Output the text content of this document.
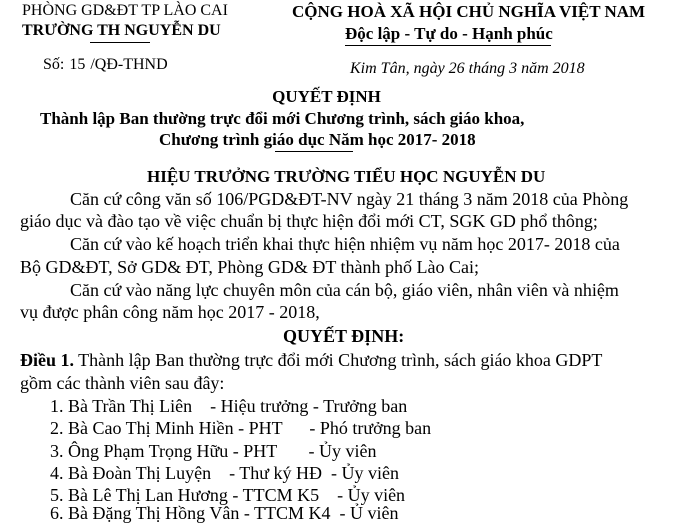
PHÒNG GD&ĐT TP LÀO CAI
TRƯỜNG TH NGUYỄN DU
Số: 15 /QĐ-THND
CỘNG HOÀ XÃ HỘI CHỦ NGHĨA VIỆT NAM
Độc lập - Tự do - Hạnh phúc
Kim Tân, ngày 26 tháng 3 năm 2018
QUYẾT ĐỊNH
Thành lập Ban thường trực đổi mới Chương trình, sách giáo khoa,
Chương trình giáo dục Năm học 2017- 2018
HIỆU TRƯỞNG TRƯỜNG TIỂU HỌC NGUYỄN DU
Căn cứ công văn số 106/PGD&ĐT-NV ngày 21 tháng 3 năm 2018 của Phòng
giáo dục và đào tạo về việc chuẩn bị thực hiện đổi mới CT, SGK GD phổ thông;
Căn cứ vào kế hoạch triển khai thực hiện nhiệm vụ năm học 2017- 2018 của
Bộ GD&ĐT, Sở GD& ĐT, Phòng GD& ĐT thành phố Lào Cai;
Căn cứ vào năng lực chuyên môn của cán bộ, giáo viên, nhân viên và nhiệm
vụ được phân công năm học 2017 - 2018,
QUYẾT ĐỊNH:
Điều 1. Thành lập Ban thường trực đổi mới Chương trình, sách giáo khoa GDPT
gồm các thành viên sau đây:
1. Bà Trần Thị Liên    - Hiệu trưởng - Trưởng ban
2. Bà Cao Thị Minh Hiền - PHT      - Phó trưởng ban
3. Ông Phạm Trọng Hữu - PHT       - Ủy viên
4. Bà Đoàn Thị Luyện    - Thư ký HĐ  - Ủy viên
5. Bà Lê Thị Lan Hương - TTCM K5    - Ủy viên
6. Bà Đặng Thị Hồng Vân - TTCM K4  - Ủ viên
